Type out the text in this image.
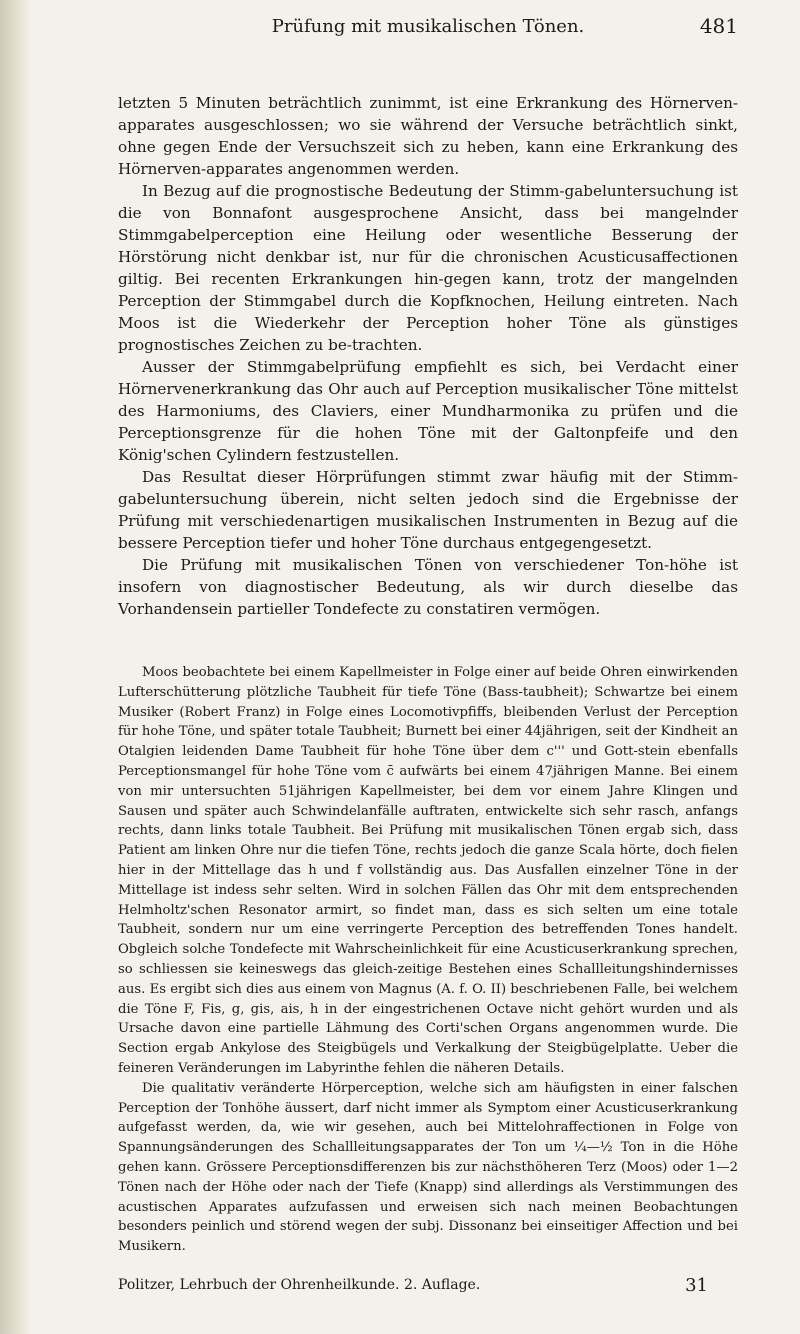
Prüfung mit musikalischen Tönen.	481

letzten 5 Minuten beträchtlich zunimmt, ist eine Erkrankung des Hörnerven-apparates ausgeschlossen; wo sie während der Versuche beträchtlich sinkt, ohne gegen Ende der Versuchszeit sich zu heben, kann eine Erkrankung des Hörnerven-apparates angenommen werden.

In Bezug auf die prognostische Bedeutung der Stimm-gabeluntersuchung ist die von Bonnafont ausgesprochene Ansicht, dass bei mangelnder Stimmgabelperception eine Heilung oder wesentliche Besserung der Hörstörung nicht denkbar ist, nur für die chronischen Acusticusaffectionen giltig. Bei recenten Erkrankungen hin-gegen kann, trotz der mangelnden Perception der Stimmgabel durch die Kopfknochen, Heilung eintreten. Nach Moos ist die Wiederkehr der Perception hoher Töne als günstiges prognostisches Zeichen zu be-trachten.

Ausser der Stimmgabelprüfung empfiehlt es sich, bei Verdacht einer Hörnervenerkrankung das Ohr auch auf Perception musikalischer Töne mittelst des Harmoniums, des Claviers, einer Mundharmonika zu prüfen und die Perceptionsgrenze für die hohen Töne mit der Galtonpfeife und den König'schen Cylindern festzustellen.

Das Resultat dieser Hörprüfungen stimmt zwar häufig mit der Stimm-gabeluntersuchung überein, nicht selten jedoch sind die Ergebnisse der Prüfung mit verschiedenartigen musikalischen Instrumenten in Bezug auf die bessere Perception tiefer und hoher Töne durchaus entgegengesetzt.

Die Prüfung mit musikalischen Tönen von verschiedener Ton-höhe ist insofern von diagnostischer Bedeutung, als wir durch dieselbe das Vorhandensein partieller Tondefecte zu constatiren vermögen.

Moos beobachtete bei einem Kapellmeister in Folge einer auf beide Ohren einwirkenden Lufterschütterung plötzliche Taubheit für tiefe Töne (Bass-taubheit); Schwartze bei einem Musiker (Robert Franz) in Folge eines Locomotivpfiffs, bleibenden Verlust der Perception für hohe Töne, und später totale Taubheit; Burnett bei einer 44jährigen, seit der Kindheit an Otalgien leidenden Dame Taubheit für hohe Töne über dem c''' und Gott-stein ebenfalls Perceptionsmangel für hohe Töne vom c̄ aufwärts bei einem 47jährigen Manne. Bei einem von mir untersuchten 51jährigen Kapellmeister, bei dem vor einem Jahre Klingen und Sausen und später auch Schwindelanfälle auftraten, entwickelte sich sehr rasch, anfangs rechts, dann links totale Taubheit. Bei Prüfung mit musikalischen Tönen ergab sich, dass Patient am linken Ohre nur die tiefen Töne, rechts jedoch die ganze Scala hörte, doch fielen hier in der Mittellage das h und f vollständig aus. Das Ausfallen einzelner Töne in der Mittellage ist indess sehr selten. Wird in solchen Fällen das Ohr mit dem entsprechenden Helmholtz'schen Resonator armirt, so findet man, dass es sich selten um eine totale Taubheit, sondern nur um eine verringerte Perception des betreffenden Tones handelt. Obgleich solche Tondefecte mit Wahrscheinlichkeit für eine Acusticuserkrankung sprechen, so schliessen sie keineswegs das gleich-zeitige Bestehen eines Schallleitungshindernisses aus. Es ergibt sich dies aus einem von Magnus (A. f. O. II) beschriebenen Falle, bei welchem die Töne F, Fis, g, gis, ais, h in der eingestrichenen Octave nicht gehört wurden und als Ursache davon eine partielle Lähmung des Corti'schen Organs angenommen wurde. Die Section ergab Ankylose des Steigbügels und Verkalkung der Steigbügelplatte. Ueber die feineren Veränderungen im Labyrinthe fehlen die näheren Details.

Die qualitativ veränderte Hörperception, welche sich am häufigsten in einer falschen Perception der Tonhöhe äussert, darf nicht immer als Symptom einer Acusticuserkrankung aufgefasst werden, da, wie wir gesehen, auch bei Mittelohraffectionen in Folge von Spannungsänderungen des Schallleitungsapparates der Ton um ¼—½ Ton in die Höhe gehen kann. Grössere Perceptionsdifferenzen bis zur nächsthöheren Terz (Moos) oder 1—2 Tönen nach der Höhe oder nach der Tiefe (Knapp) sind allerdings als Verstimmungen des acustischen Apparates aufzufassen und erweisen sich nach meinen Beobachtungen besonders peinlich und störend wegen der subj. Dissonanz bei einseitiger Affection und bei Musikern.

Politzer, Lehrbuch der Ohrenheilkunde. 2. Auflage.	31
